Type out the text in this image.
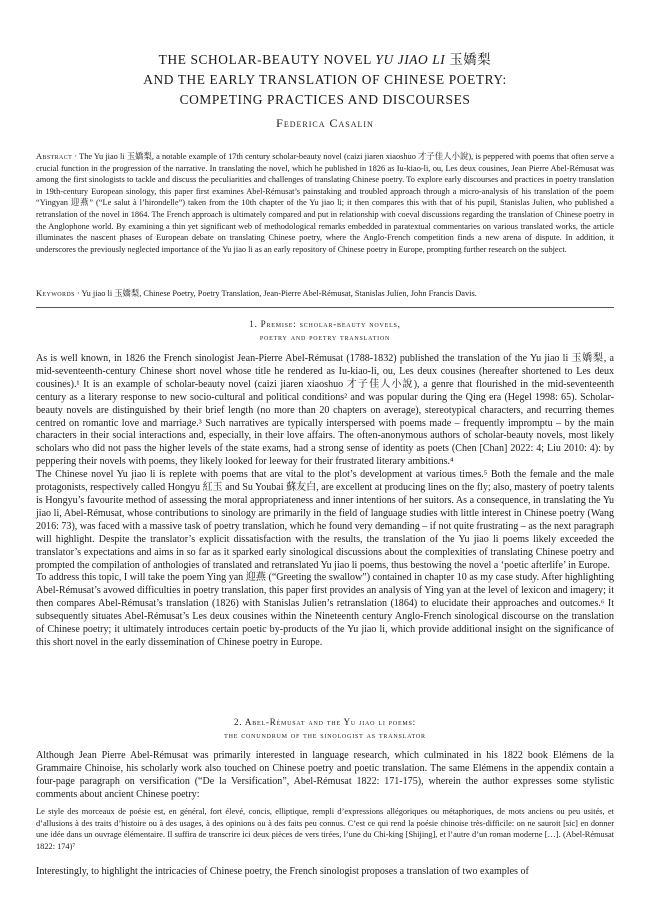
THE SCHOLAR-BEAUTY NOVEL YU JIAO LI 玉嬌梨
AND THE EARLY TRANSLATION OF CHINESE POETRY:
COMPETING PRACTICES AND DISCOURSES
Federica Casalin
Abstract · The Yu jiao li 玉嬌梨, a notable example of 17th century scholar-beauty novel (caizi jiaren xiaoshuo 才子佳人小說), is peppered with poems that often serve a crucial function in the progression of the narrative. In translating the novel, which he published in 1826 as Iu-kiao-li, ou, Les deux cousines, Jean Pierre Abel-Rémusat was among the first sinologists to tackle and discuss the peculiarities and challenges of translating Chinese poetry. To explore early discourses and practices in poetry translation in 19th-century European sinology, this paper first examines Abel-Rémusat’s painstaking and troubled approach through a micro-analysis of his translation of the poem “Yingyan 迎燕” (“Le salut à l’hirondelle”) taken from the 10th chapter of the Yu jiao li; it then compares this with that of his pupil, Stanislas Julien, who published a retranslation of the novel in 1864. The French approach is ultimately compared and put in relationship with coeval discussions regarding the translation of Chinese poetry in the Anglophone world. By examining a thin yet significant web of methodological remarks embedded in paratextual commentaries on various translated works, the article illuminates the nascent phases of European debate on translating Chinese poetry, where the Anglo-French competition finds a new arena of dispute. In addition, it underscores the previously neglected importance of the Yu jiao li as an early repository of Chinese poetry in Europe, prompting further research on the subject.
Keywords · Yu jiao li 玉嬌梨, Chinese Poetry, Poetry Translation, Jean-Pierre Abel-Rémusat, Stanislas Julien, John Francis Davis.
1. Premise: scholar-beauty novels,
poetry and poetry translation

As is well known, in 1826 the French sinologist Jean-Pierre Abel-Rémusat (1788-1832) published the translation of the Yu jiao li 玉嬌梨, a mid-seventeenth-century Chinese short novel whose title he rendered as Iu-kiao-li, ou, Les deux cousines (hereafter shortened to Les deux cousines).¹ It is an example of scholar-beauty novel (caizi jiaren xiaoshuo 才子佳人小說), a genre that flourished in the mid-seventeenth century as a literary response to new socio-cultural and political conditions² and was popular during the Qing era (Hegel 1998: 65). Scholar-beauty novels are distinguished by their brief length (no more than 20 chapters on average), stereotypical characters, and recurring themes centred on romantic love and marriage.³ Such narratives are typically interspersed with poems made – frequently impromptu – by the main characters in their social interactions and, especially, in their love affairs. The often-anonymous authors of scholar-beauty novels, most likely scholars who did not pass the higher levels of the state exams, had a strong sense of identity as poets (Chen [Chan] 2022: 4; Liu 2010: 4): by peppering their novels with poems, they likely looked for leeway for their frustrated literary ambitions.⁴

The Chinese novel Yu jiao li is replete with poems that are vital to the plot’s development at various times.⁵ Both the female and the male protagonists, respectively called Hongyu 紅玉 and Su Youbai 蘇友白, are excellent at producing lines on the fly; also, mastery of poetry talents is Hongyu’s favourite method of assessing the moral appropriateness and inner intentions of her suitors. As a consequence, in translating the Yu jiao li, Abel-Rémusat, whose contributions to sinology are primarily in the field of language studies with little interest in Chinese poetry (Wang 2016: 73), was faced with a massive task of poetry translation, which he found very demanding – if not quite frustrating – as the next paragraph will highlight. Despite the translator’s explicit dissatisfaction with the results, the translation of the Yu jiao li poems likely exceeded the translator’s expectations and aims in so far as it sparked early sinological discussions about the complexities of translating Chinese poetry and prompted the compilation of anthologies of translated and retranslated Yu jiao li poems, thus bestowing the novel a ‘poetic afterlife’ in Europe.

To address this topic, I will take the poem Ying yan 迎燕 (“Greeting the swallow”) contained in chapter 10 as my case study. After highlighting Abel-Rémusat’s avowed difficulties in poetry translation, this paper first provides an analysis of Ying yan at the level of lexicon and imagery; it then compares Abel-Rémusat’s translation (1826) with Stanislas Julien’s retranslation (1864) to elucidate their approaches and outcomes.⁶ It subsequently situates Abel-Rémusat’s Les deux cousines within the Nineteenth century Anglo-French sinological discourse on the translation of Chinese poetry; it ultimately introduces certain poetic by-products of the Yu jiao li, which provide additional insight on the significance of this short novel in the early dissemination of Chinese poetry in Europe.

2. Abel-Rémusat and the Yu jiao li poems:
the conundrum of the sinologist as translator

Although Jean Pierre Abel-Rémusat was primarily interested in language research, which culminated in his 1822 book Elémens de la Grammaire Chinoise, his scholarly work also touched on Chinese poetry and poetic translation. The same Elémens in the appendix contain a four-page paragraph on versification (“De la Versification”, Abel-Rémusat 1822: 171-175), wherein the author expresses some stylistic comments about ancient Chinese poetry:

Le style des morceaux de poésie est, en général, fort élevé, concis, elliptique, rempli d’expressions allégoriques ou métaphoriques, de mots anciens ou peu usités, et d’allusions à des traits d’histoire ou à des usages, à des opinions ou à des faits peu connus. C’est ce qui rend la poésie chinoise très-difficile: on ne sauroit [sic] en donner une idée dans un ouvrage élémentaire. Il suffira de transcrire ici deux pièces de vers tirées, l’une du Chi-king [Shijing], et l’autre d’un roman moderne […]. (Abel-Rémusat 1822: 174)⁷

Interestingly, to highlight the intricacies of Chinese poetry, the French sinologist proposes a translation of two examples of
